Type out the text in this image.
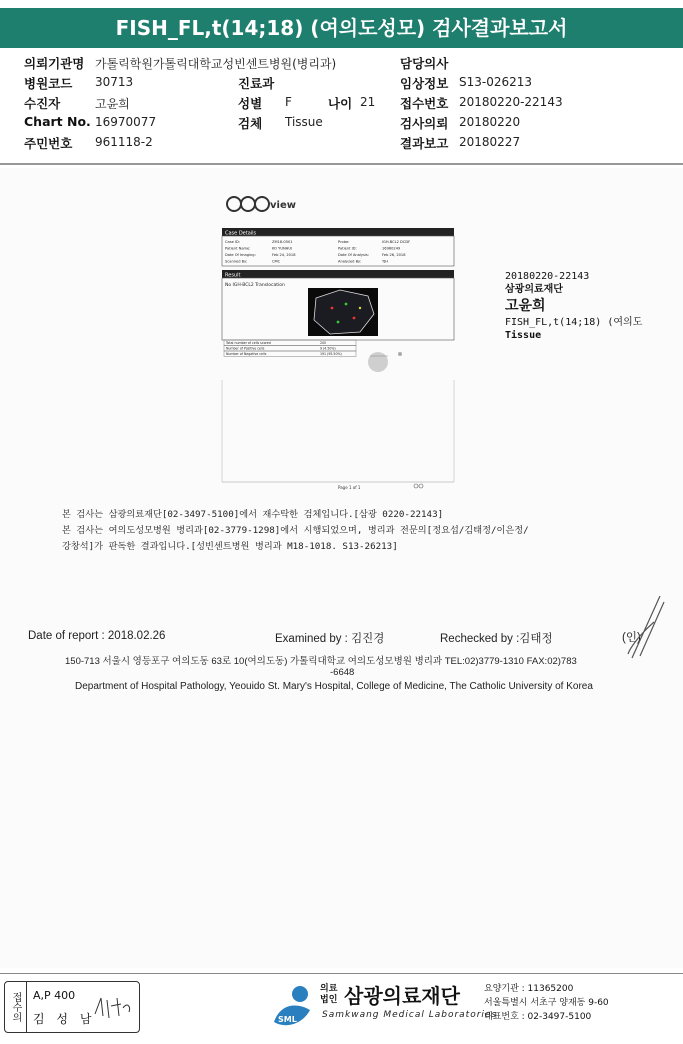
FISH_FL,t(14;18) (여의도성모) 검사결과보고서
의뢰기관명 가톨릭학원가톨릭대학교성빈센트병원(병리과)	담당의사
병원코드 30713	진료과	임상정보 S13-026213
수진자	고윤희	성별 F	나이 21 접수번호 20180220-22143
Chart No. 16970077	검체 Tissue	검사의뢰 20180220
주민번호 961118-2	결과보고 20180227
view
Case Details
Case ID:	ZM18-0501	Probe:	IGH-BCL2 DCDF
Patient Name:	KO YUNHUI	Patient ID:	16960249
Date Of Imaging:	Feb 24, 2018	Date Of Analysis:	Feb 26, 2018
Scanned By:	CMC	Analyzed By:	TJH
Result
No IGH-BCL2 Translocation
Total number of cells scored	200
Number of Positive cells	9 (4.50%)
Number of Negative cells	191 (95.50%)
Page 1 of 1
20180220-22143
삼광의료재단
고윤희
FISH_FL,t(14;18) (여의도
Tissue
본 검사는 삼광의료재단[02-3497-5100]에서 재수탁한 검체입니다.[삼광 0220-22143]
본 검사는 여의도성모병원 병리과[02-3779-1298]에서 시행되었으며, 병리과 전문의[정요섭/김태정/이은정/
강창석]가 판독한 결과입니다.[성빈센트병원 병리과 M18-1018. S13-26213]
Date of report : 2018.02.26	Examined by : 김진경	Rechecked by :김태정	(인)
150-713 서울시 영등포구 여의도동 63로 10(여의도동) 가톨릭대학교 여의도성모병원 병리과 TEL:02)3779-1310 FAX:02)783
-6648
Department of Hospital Pathology, Yeouido St. Mary's Hospital, College of Medicine, The Catholic University of Korea
접수의	A,P 400
김 성 남	SML
의료
법인 삼광의료재단
Samkwang Medical Laboratories
요양기관 : 11365200
서울특별시 서초구 양재동 9-60
대표번호 : 02-3497-5100
